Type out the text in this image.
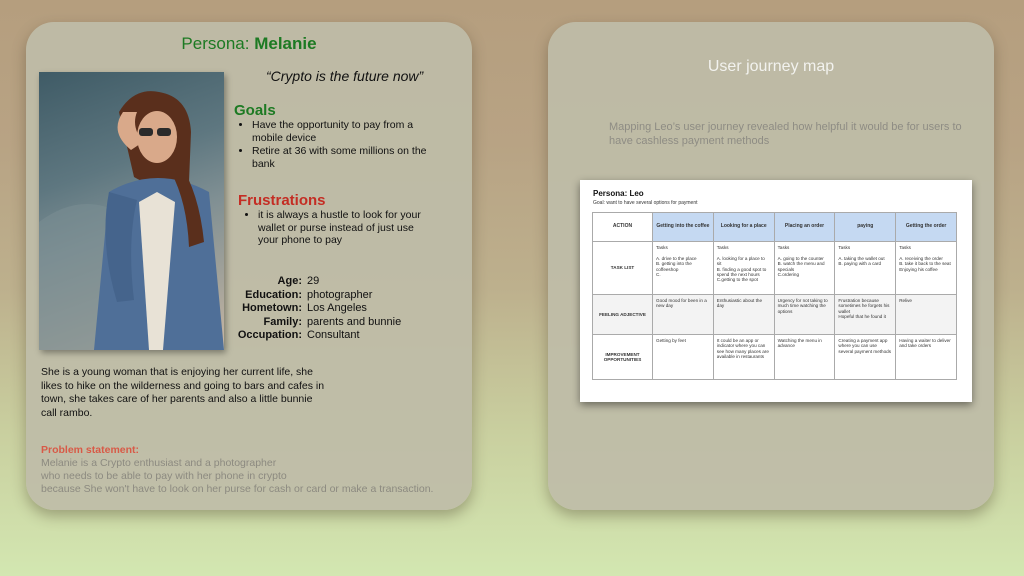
Persona: Melanie
“Crypto is the future now”
Goals
• Have the opportunity to pay from a mobile device
• Retire at 36 with some millions on the bank
Frustrations
• it is always a hustle to look for your wallet or purse instead of just use your phone to pay
Age: 29
Education: photographer
Hometown: Los Angeles
Family: parents and bunnie
Occupation: Consultant
She is a young woman that is enjoying her current life, she likes to hike on the wilderness and going to bars and cafes in town, she takes care of her parents and also a little bunnie call rambo.
Problem statement:
Melanie is a Crypto enthusiast and a photographer
who needs to be able to pay with her phone in crypto
because She won't have to look on her purse for cash or card or make a transaction.
User journey map
Mapping Leo’s user journey revealed how helpful it would be for users to have cashless payment methods
Persona: Leo
Goal: want to have several options for payment
ACTION	Getting into the coffee	Looking for a place	Placing an order	paying	Getting the order
TASK LIST	Tasks

A. drive to the place
B. getting into the coffeeshop
C.	Tasks

A. looking for a place to sit
B. finding a good spot to spend the next hours
C.getting to the spot	Tasks

A. going to the counter
B. watch the menu and specials
C.ordering	Tasks

A. taking the wallet out
B. paying with a card	Tasks

A. receiving the order
B. take it back to the seat
Enjoying his coffee
FEELING ADJECTIVE	Good mood for been in a new day	Enthusiastic about the day	Urgency for not taking to much time watching the options	Frustration because sometimes he forgets his wallet
Hopeful that he found it	Relive
IMPROVEMENT OPPORTUNITIES	Getting by feet	It could be an app or indicator where you can see how many places are available in restaurants	Watching the menu in advance	Creating a payment app where you can use several payment methods	Having a waiter to deliver and take orders
